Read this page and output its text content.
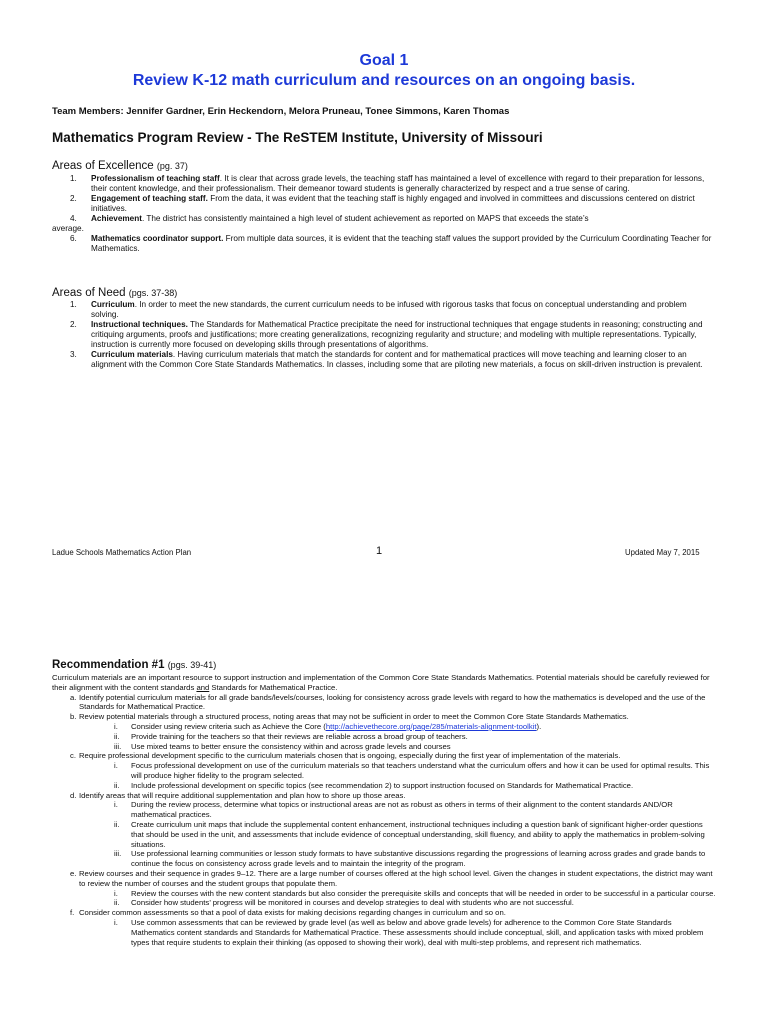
Goal 1
Review K-12 math curriculum and resources on an ongoing basis.
Team Members: Jennifer Gardner, Erin Heckendorn, Melora Pruneau, Tonee Simmons, Karen Thomas
Mathematics Program Review - The ReSTEM Institute, University of Missouri
Areas of Excellence (pg. 37)
1. Professionalism of teaching staff. It is clear that across grade levels, the teaching staff has maintained a level of excellence with regard to their preparation for lessons, their content knowledge, and their professionalism. Their demeanor toward students is generally characterized by respect and a true sense of caring.
2. Engagement of teaching staff. From the data, it was evident that the teaching staff is highly engaged and involved in committees and discussions centered on district initiatives.
4. Achievement. The district has consistently maintained a high level of student achievement as reported on MAPS that exceeds the state’s
average.
6. Mathematics coordinator support. From multiple data sources, it is evident that the teaching staff values the support provided by the Curriculum Coordinating Teacher for Mathematics.
Areas of Need (pgs. 37-38)
1. Curriculum. In order to meet the new standards, the current curriculum needs to be infused with rigorous tasks that focus on conceptual understanding and problem solving.
2. Instructional techniques. The Standards for Mathematical Practice precipitate the need for instructional techniques that engage students in reasoning; constructing and critiquing arguments, proofs and justifications; more creating generalizations, recognizing regularity and structure; and modeling with multiple representations. Typically, instruction is currently more focused on developing skills through presentations of algorithms.
3. Curriculum materials. Having curriculum materials that match the standards for content and for mathematical practices will move teaching and learning closer to an alignment with the Common Core State Standards Mathematics. In classes, including some that are piloting new materials, a focus on skill-driven instruction is prevalent.
Ladue Schools Mathematics Action Plan	1	Updated May 7, 2015
Recommendation #1 (pgs. 39-41)

Curriculum materials are an important resource to support instruction and implementation of the Common Core State Standards Mathematics. Potential materials should be carefully reviewed for their alignment with the content standards and Standards for Mathematical Practice.

a. Identify potential curriculum materials for all grade bands/levels/courses, looking for consistency across grade levels with regard to how the mathematics is developed and the use of the Standards for Mathematical Practice.
b. Review potential materials through a structured process, noting areas that may not be sufficient in order to meet the Common Core State Standards Mathematics.
i. Consider using review criteria such as Achieve the Core (http://achievethecore.org/page/285/materials-alignment-toolkit).
ii. Provide training for the teachers so that their reviews are reliable across a broad group of teachers.
iii. Use mixed teams to better ensure the consistency within and across grade levels and courses
c. Require professional development specific to the curriculum materials chosen that is ongoing, especially during the first year of implementation of the materials.
i. Focus professional development on use of the curriculum materials so that teachers understand what the curriculum offers and how it can be used for optimal results. This will produce higher fidelity to the program selected.
ii. Include professional development on specific topics (see recommendation 2) to support instruction focused on Standards for Mathematical Practice.
d. Identify areas that will require additional supplementation and plan how to shore up those areas.
i. During the review process, determine what topics or instructional areas are not as robust as others in terms of their alignment to the content standards AND/OR mathematical practices.
ii. Create curriculum unit maps that include the supplemental content enhancement, instructional techniques including a question bank of significant higher-order questions that should be used in the unit, and assessments that include evidence of conceptual understanding, skill fluency, and ability to apply the mathematics in problem-solving situations.
iii. Use professional learning communities or lesson study formats to have substantive discussions regarding the progressions of learning across grades and grade bands to continue the focus on consistency across grade levels and to maintain the integrity of the program.
e. Review courses and their sequence in grades 9–12. There are a large number of courses offered at the high school level. Given the changes in student expectations, the district may want to review the number of courses and the student groups that populate them.
i. Review the courses with the new content standards but also consider the prerequisite skills and concepts that will be needed in order to be successful in a particular course.
ii. Consider how students’ progress will be monitored in courses and develop strategies to deal with students who are not successful.
f. Consider common assessments so that a pool of data exists for making decisions regarding changes in curriculum and so on.
i. Use common assessments that can be reviewed by grade level (as well as below and above grade levels) for adherence to the Common Core State Standards Mathematics content standards and Standards for Mathematical Practice. These assessments should include conceptual, skill, and application tasks with mixed problem types that require students to explain their thinking (as opposed to showing their work), deal with multi-step problems, and represent rich mathematics.
